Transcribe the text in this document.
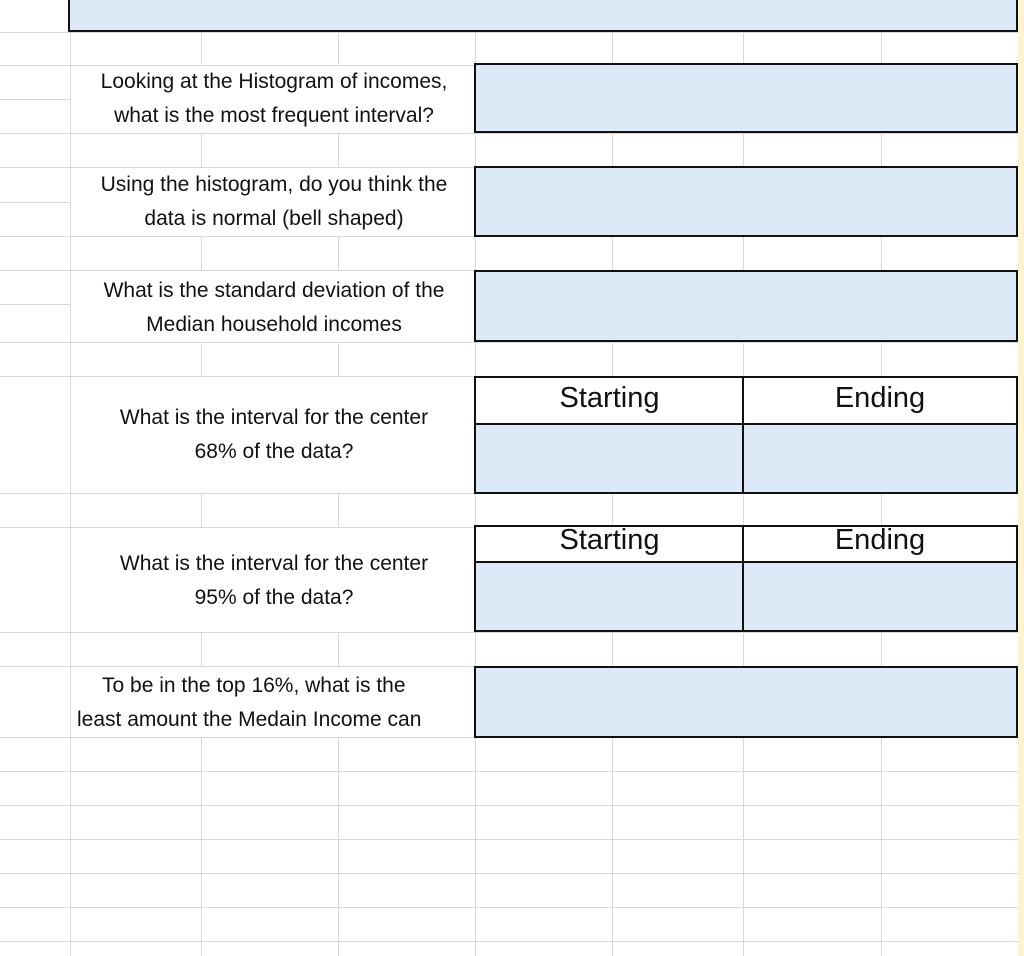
Looking at the Histogram of incomes,
what is the most frequent interval?
Using the histogram, do you think the
data is normal (bell shaped)
What is the standard deviation of the
Median household incomes
What is the interval for the center
68% of the data?
Starting	Ending
What is the interval for the center
95% of the data?
Starting	Ending
To be in the top 16%, what is the
least amount the Medain Income can
